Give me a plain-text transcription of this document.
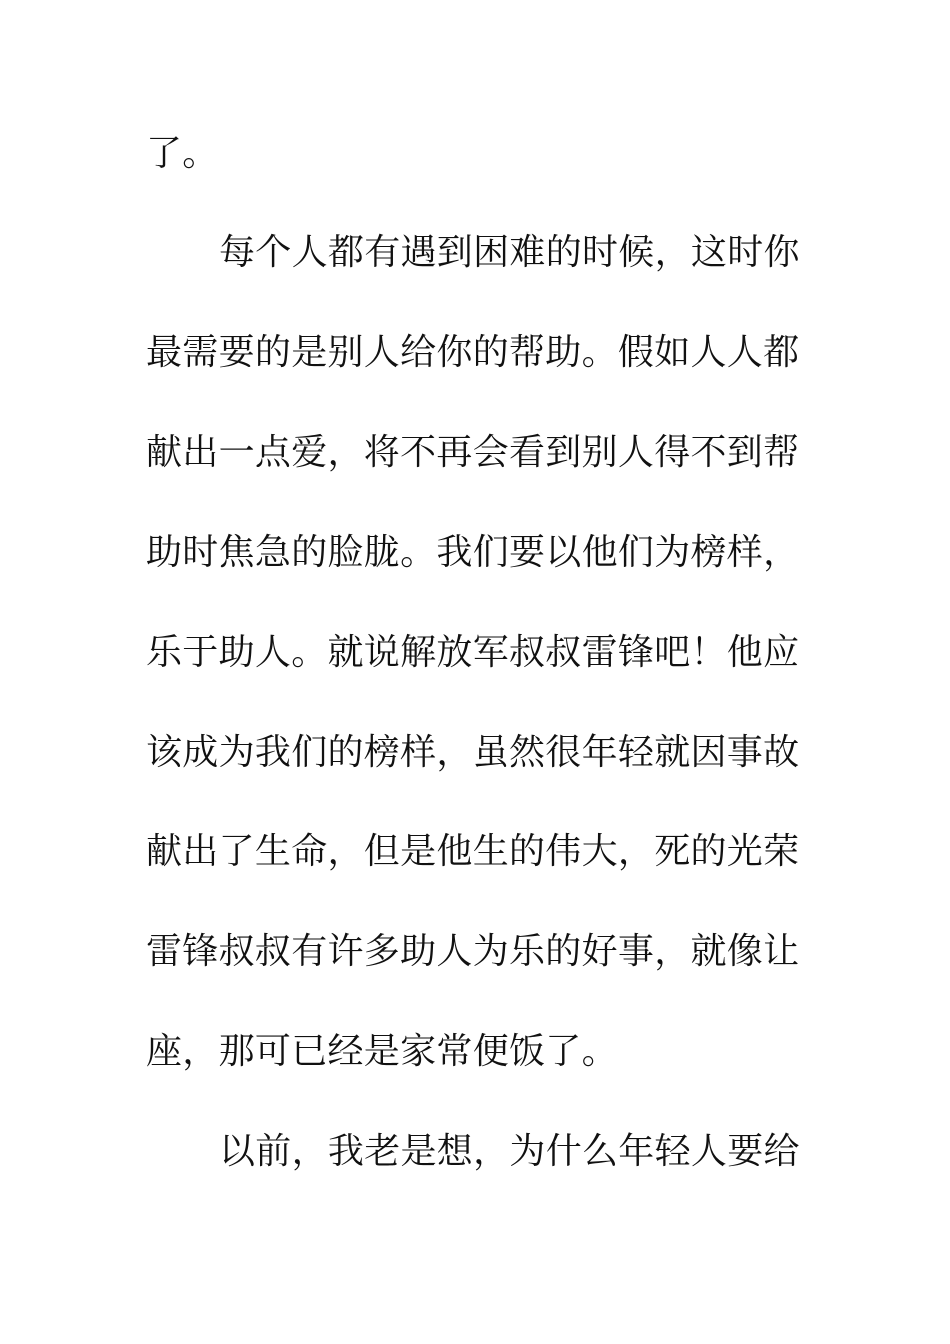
了。
每个人都有遇到困难的时候，这时你
最需要的是别人给你的帮助。假如人人都
献出一点爱，将不再会看到别人得不到帮
助时焦急的脸胧。我们要以他们为榜样，
乐于助人。就说解放军叔叔雷锋吧！他应
该成为我们的榜样，虽然很年轻就因事故
献出了生命，但是他生的伟大，死的光荣
雷锋叔叔有许多助人为乐的好事，就像让
座，那可已经是家常便饭了。
以前，我老是想，为什么年轻人要给
